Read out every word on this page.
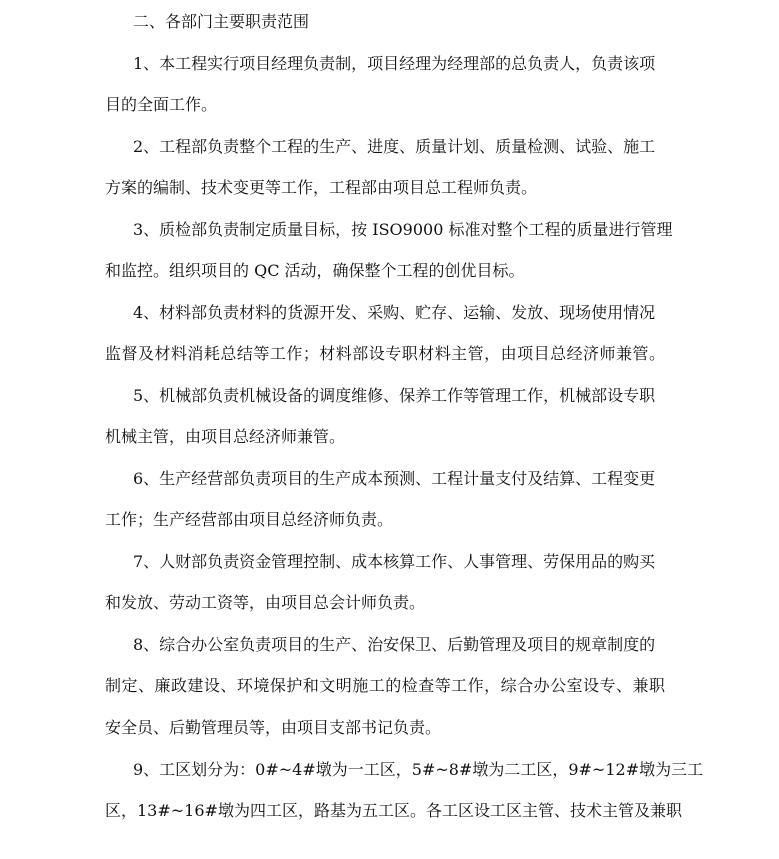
二、各部门主要职责范围
1、本工程实行项目经理负责制，项目经理为经理部的总负责人，负责该项
目的全面工作。
2、工程部负责整个工程的生产、进度、质量计划、质量检测、试验、施工
方案的编制、技术变更等工作，工程部由项目总工程师负责。
3、质检部负责制定质量目标，按 ISO9000 标准对整个工程的质量进行管理
和监控。组织项目的 QC 活动，确保整个工程的创优目标。
4、材料部负责材料的货源开发、采购、贮存、运输、发放、现场使用情况
监督及材料消耗总结等工作；材料部设专职材料主管，由项目总经济师兼管。
5、机械部负责机械设备的调度维修、保养工作等管理工作，机械部设专职
机械主管，由项目总经济师兼管。
6、生产经营部负责项目的生产成本预测、工程计量支付及结算、工程变更
工作；生产经营部由项目总经济师负责。
7、人财部负责资金管理控制、成本核算工作、人事管理、劳保用品的购买
和发放、劳动工资等，由项目总会计师负责。
8、综合办公室负责项目的生产、治安保卫、后勤管理及项目的规章制度的
制定、廉政建设、环境保护和文明施工的检查等工作，综合办公室设专、兼职
安全员、后勤管理员等，由项目支部书记负责。
9、工区划分为：0#~4#墩为一工区，5#~8#墩为二工区，9#~12#墩为三工
区，13#~16#墩为四工区，路基为五工区。各工区设工区主管、技术主管及兼职
